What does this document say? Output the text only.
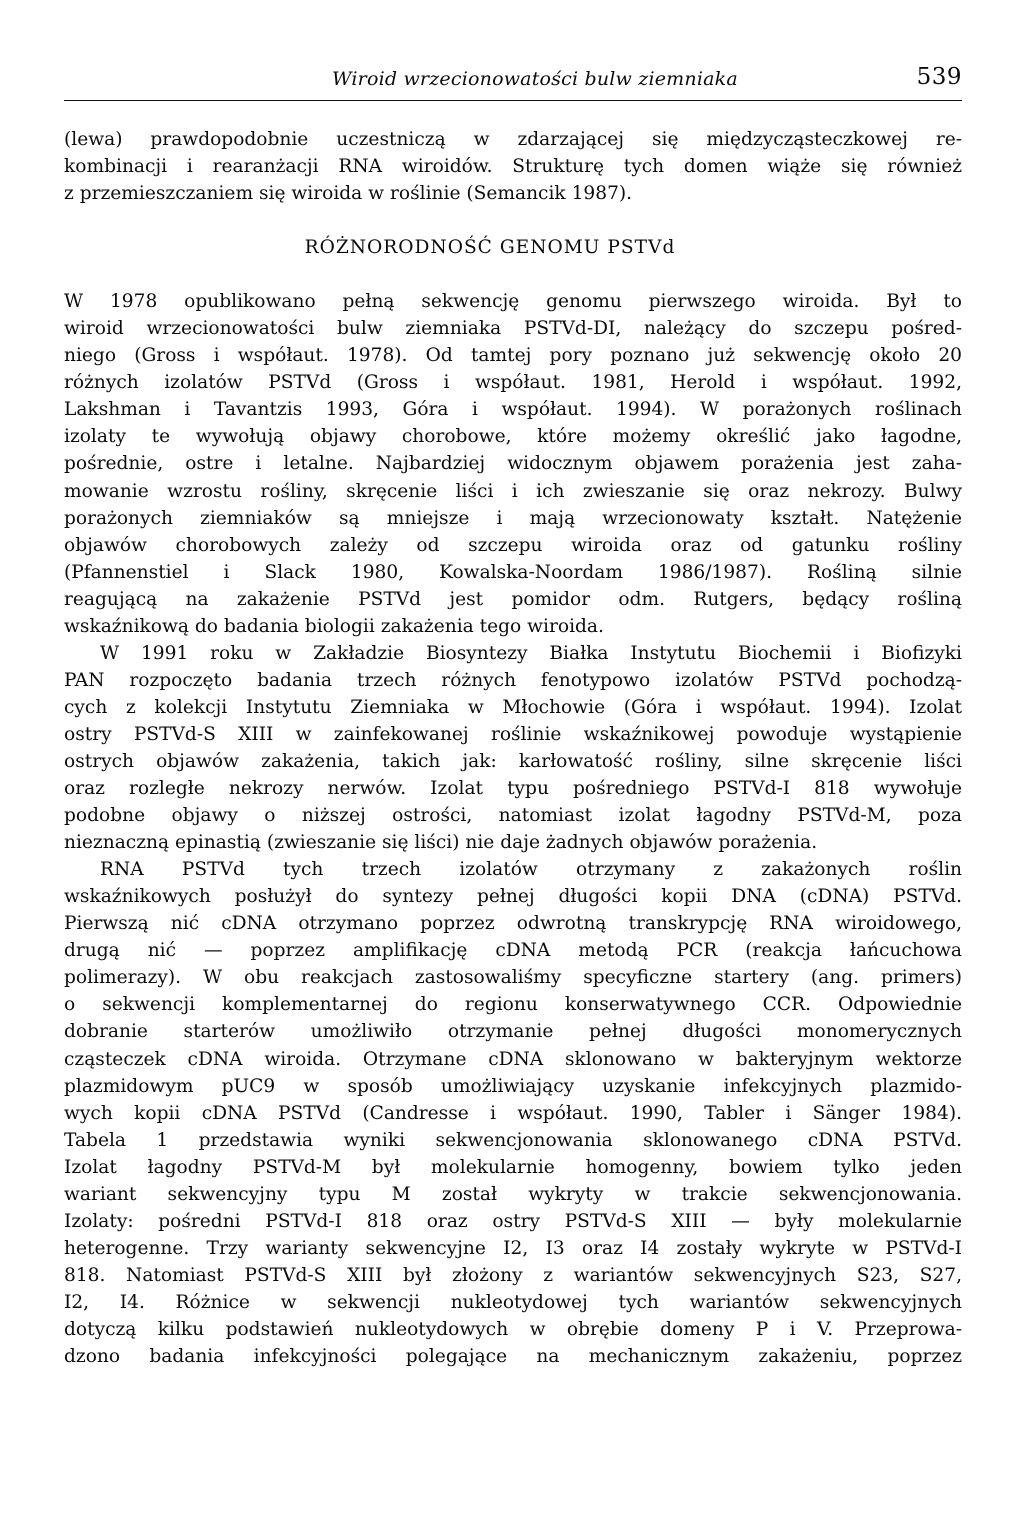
Wiroid wrzecionowatości bulw ziemniaka	539
(lewa) prawdopodobnie uczestniczą w zdarzającej się międzycząsteczkowej re-
kombinacji i rearanżacji RNA wiroidów. Strukturę tych domen wiąże się również
z przemieszczaniem się wiroida w roślinie (Semancik 1987).
RÓŻNORODNOŚĆ GENOMU PSTVd
W 1978 opublikowano pełną sekwencję genomu pierwszego wiroida. Był to
wiroid wrzecionowatości bulw ziemniaka PSTVd-DI, należący do szczepu pośred-
niego (Gross i współaut. 1978). Od tamtej pory poznano już sekwencję około 20
różnych izolatów PSTVd (Gross i współaut. 1981, Herold i współaut. 1992,
Lakshman i Tavantzis 1993, Góra i współaut. 1994). W porażonych roślinach
izolaty te wywołują objawy chorobowe, które możemy określić jako łagodne,
pośrednie, ostre i letalne. Najbardziej widocznym objawem porażenia jest zaha-
mowanie wzrostu rośliny, skręcenie liści i ich zwieszanie się oraz nekrozy. Bulwy
porażonych ziemniaków są mniejsze i mają wrzecionowaty kształt. Natężenie
objawów chorobowych zależy od szczepu wiroida oraz od gatunku rośliny
(Pfannenstiel i Slack 1980, Kowalska-Noordam 1986/1987). Rośliną silnie
reagującą na zakażenie PSTVd jest pomidor odm. Rutgers, będący rośliną
wskaźnikową do badania biologii zakażenia tego wiroida.
W 1991 roku w Zakładzie Biosyntezy Białka Instytutu Biochemii i Biofizyki
PAN rozpoczęto badania trzech różnych fenotypowo izolatów PSTVd pochodzą-
cych z kolekcji Instytutu Ziemniaka w Młochowie (Góra i współaut. 1994). Izolat
ostry PSTVd-S XIII w zainfekowanej roślinie wskaźnikowej powoduje wystąpienie
ostrych objawów zakażenia, takich jak: karłowatość rośliny, silne skręcenie liści
oraz rozległe nekrozy nerwów. Izolat typu pośredniego PSTVd-I 818 wywołuje
podobne objawy o niższej ostrości, natomiast izolat łagodny PSTVd-M, poza
nieznaczną epinastią (zwieszanie się liści) nie daje żadnych objawów porażenia.
RNA PSTVd tych trzech izolatów otrzymany z zakażonych roślin
wskaźnikowych posłużył do syntezy pełnej długości kopii DNA (cDNA) PSTVd.
Pierwszą nić cDNA otrzymano poprzez odwrotną transkrypcję RNA wiroidowego,
drugą nić — poprzez amplifikację cDNA metodą PCR (reakcja łańcuchowa
polimerazy). W obu reakcjach zastosowaliśmy specyficzne startery (ang. primers)
o sekwencji komplementarnej do regionu konserwatywnego CCR. Odpowiednie
dobranie starterów umożliwiło otrzymanie pełnej długości monomerycznych
cząsteczek cDNA wiroida. Otrzymane cDNA sklonowano w bakteryjnym wektorze
plazmidowym pUC9 w sposób umożliwiający uzyskanie infekcyjnych plazmido-
wych kopii cDNA PSTVd (Candresse i współaut. 1990, Tabler i Sänger 1984).
Tabela 1 przedstawia wyniki sekwencjonowania sklonowanego cDNA PSTVd.
Izolat łagodny PSTVd-M był molekularnie homogenny, bowiem tylko jeden
wariant sekwencyjny typu M został wykryty w trakcie sekwencjonowania.
Izolaty: pośredni PSTVd-I 818 oraz ostry PSTVd-S XIII — były molekularnie
heterogenne. Trzy warianty sekwencyjne I2, I3 oraz I4 zostały wykryte w PSTVd-I
818. Natomiast PSTVd-S XIII był złożony z wariantów sekwencyjnych S23, S27,
I2, I4. Różnice w sekwencji nukleotydowej tych wariantów sekwencyjnych
dotyczą kilku podstawień nukleotydowych w obrębie domeny P i V. Przeprowa-
dzono badania infekcyjności polegające na mechanicznym zakażeniu, poprzez
